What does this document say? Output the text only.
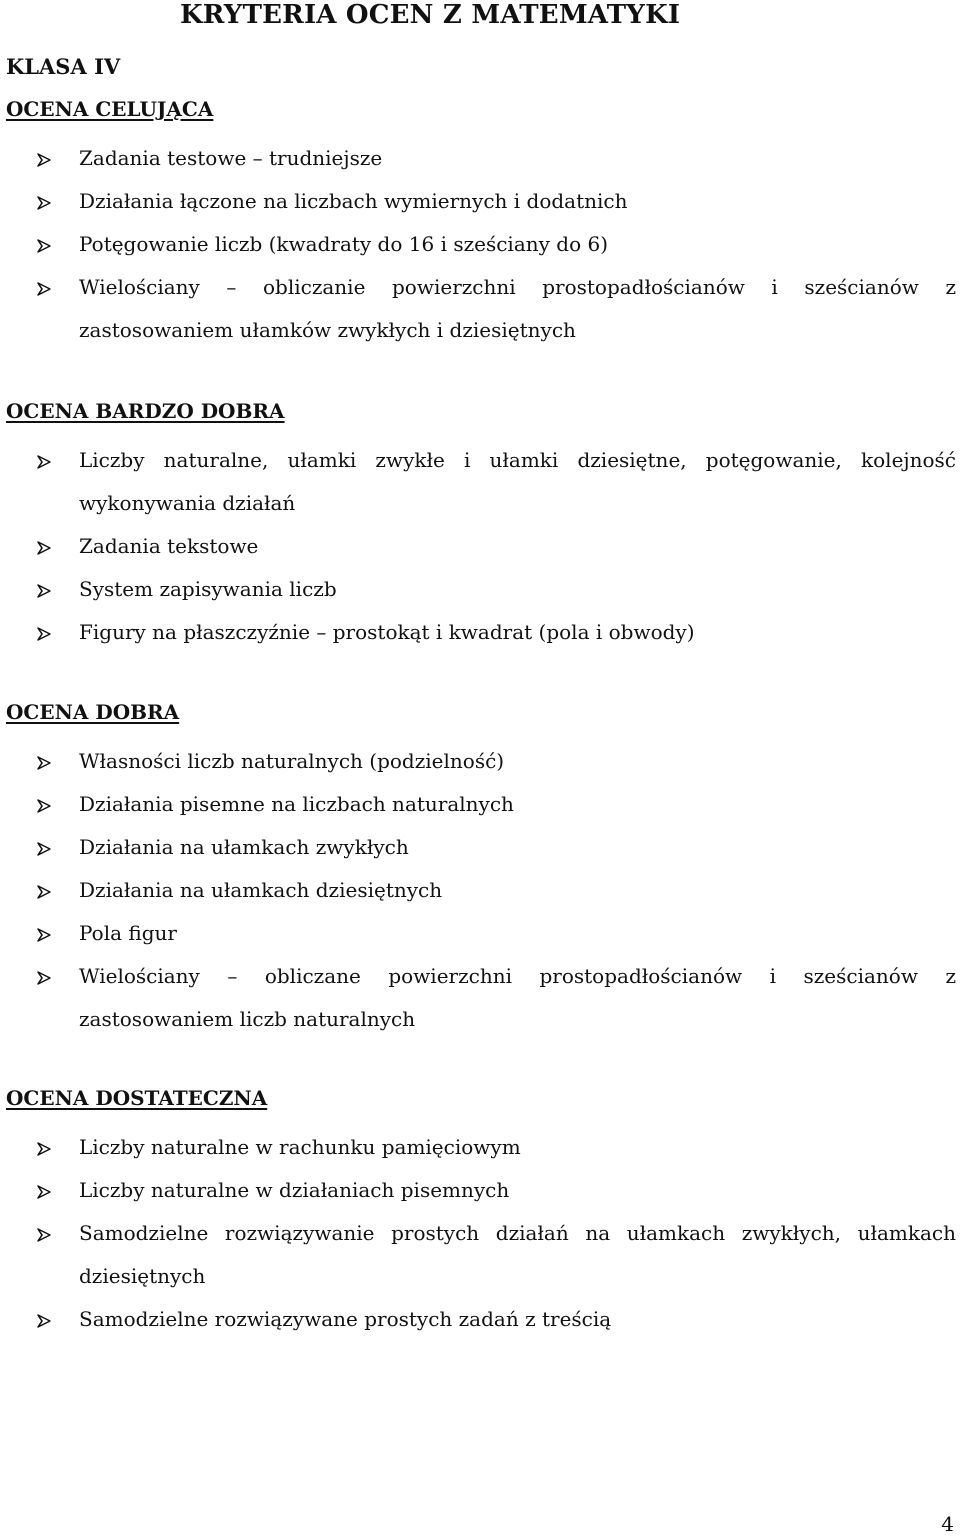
KRYTERIA OCEN Z MATEMATYKI
KLASA IV
OCENA CELUJĄCA
Zadania testowe – trudniejsze
Działania łączone na liczbach wymiernych i dodatnich
Potęgowanie liczb (kwadraty do 16 i sześciany do 6)
Wielościany – obliczanie powierzchni prostopadłościanów i sześcianów z zastosowaniem ułamków zwykłych i dziesiętnych
OCENA BARDZO DOBRA
Liczby naturalne, ułamki zwykłe i ułamki dziesiętne, potęgowanie, kolejność wykonywania działań
Zadania tekstowe
System zapisywania liczb
Figury na płaszczyźnie – prostokąt i kwadrat (pola i obwody)
OCENA DOBRA
Własności liczb naturalnych (podzielność)
Działania pisemne na liczbach naturalnych
Działania na ułamkach zwykłych
Działania na ułamkach dziesiętnych
Pola figur
Wielościany – obliczane powierzchni prostopadłościanów i sześcianów z zastosowaniem liczb naturalnych
OCENA DOSTATECZNA
Liczby naturalne w rachunku pamięciowym
Liczby naturalne w działaniach pisemnych
Samodzielne rozwiązywanie prostych działań na ułamkach zwykłych, ułamkach dziesiętnych
Samodzielne rozwiązywane prostych zadań z treścią
4
